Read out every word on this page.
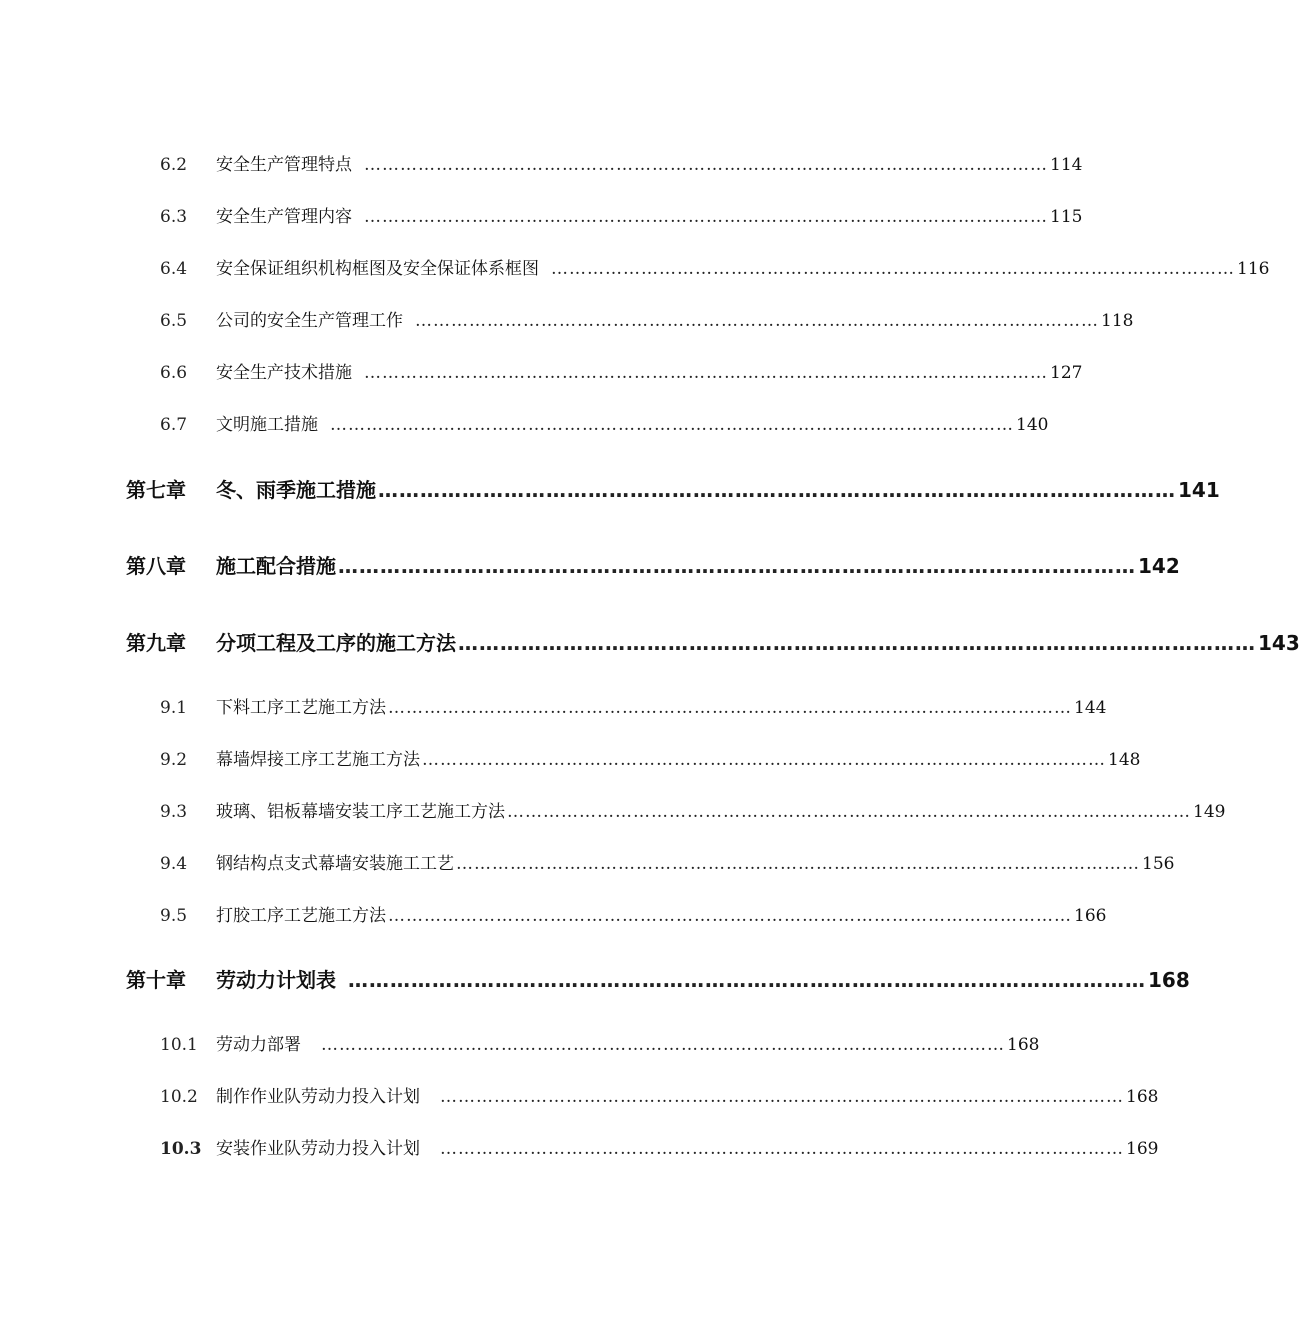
6.2	安全生产管理特点 …………………………………………………………………………………………………… 114
6.3	安全生产管理内容 …………………………………………………………………………………………………… 115
6.4	安全保证组织机构框图及安全保证体系框图 …………………………………………………………………………………………………… 116
6.5	公司的安全生产管理工作 …………………………………………………………………………………………………… 118
6.6	安全生产技术措施 …………………………………………………………………………………………………… 127
6.7	文明施工措施 …………………………………………………………………………………………………… 140
第七章	冬、雨季施工措施 …………………………………………………………………………………………………… 141
第八章	施工配合措施 …………………………………………………………………………………………………… 142
第九章	分项工程及工序的施工方法 …………………………………………………………………………………………………… 143
9.1	下料工序工艺施工方法 …………………………………………………………………………………………………… 144
9.2	幕墙焊接工序工艺施工方法 …………………………………………………………………………………………………… 148
9.3	玻璃、铝板幕墙安装工序工艺施工方法 …………………………………………………………………………………………………… 149
9.4	钢结构点支式幕墙安装施工工艺 …………………………………………………………………………………………………… 156
9.5	打胶工序工艺施工方法 …………………………………………………………………………………………………… 166
第十章	劳动力计划表 …………………………………………………………………………………………………… 168
10.1	劳动力部署 …………………………………………………………………………………………………… 168
10.2	制作作业队劳动力投入计划 …………………………………………………………………………………………………… 168
10.3 安装作业队劳动力投入计划 …………………………………………………………………………………………………… 169
